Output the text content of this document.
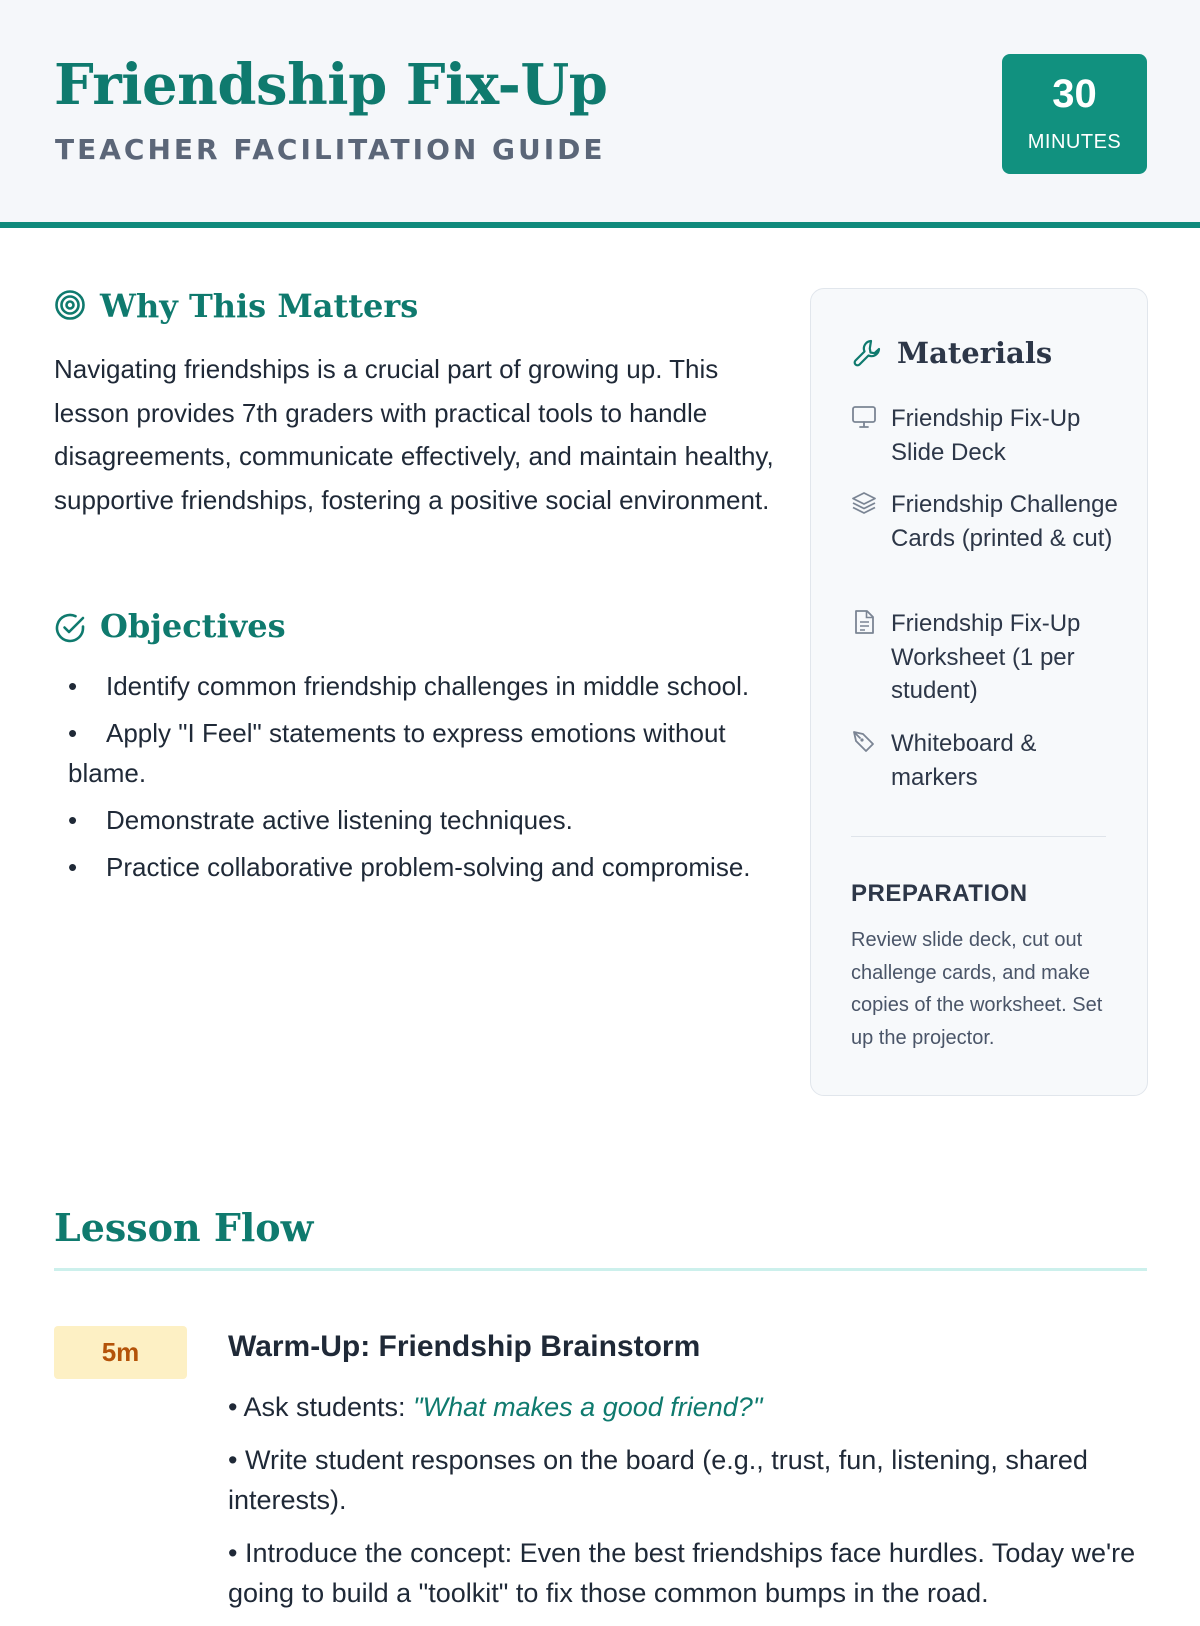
Friendship Fix-Up
TEACHER FACILITATION GUIDE
30
MINUTES
Why This Matters
Navigating friendships is a crucial part of growing up. This lesson provides 7th graders with practical tools to handle disagreements, communicate effectively, and maintain healthy, supportive friendships, fostering a positive social environment.
Objectives
• Identify common friendship challenges in middle school.
• Apply "I Feel" statements to express emotions without blame.
• Demonstrate active listening techniques.
• Practice collaborative problem-solving and compromise.
Materials
Friendship Fix-Up Slide Deck
Friendship Challenge Cards (printed & cut)
Friendship Fix-Up Worksheet (1 per student)
Whiteboard & markers
PREPARATION
Review slide deck, cut out challenge cards, and make copies of the worksheet. Set up the projector.
Lesson Flow
5m	Warm-Up: Friendship Brainstorm

• Ask students: "What makes a good friend?"

• Write student responses on the board (e.g., trust, fun, listening, shared interests).

• Introduce the concept: Even the best friendships face hurdles. Today we're going to build a "toolkit" to fix those common bumps in the road.
